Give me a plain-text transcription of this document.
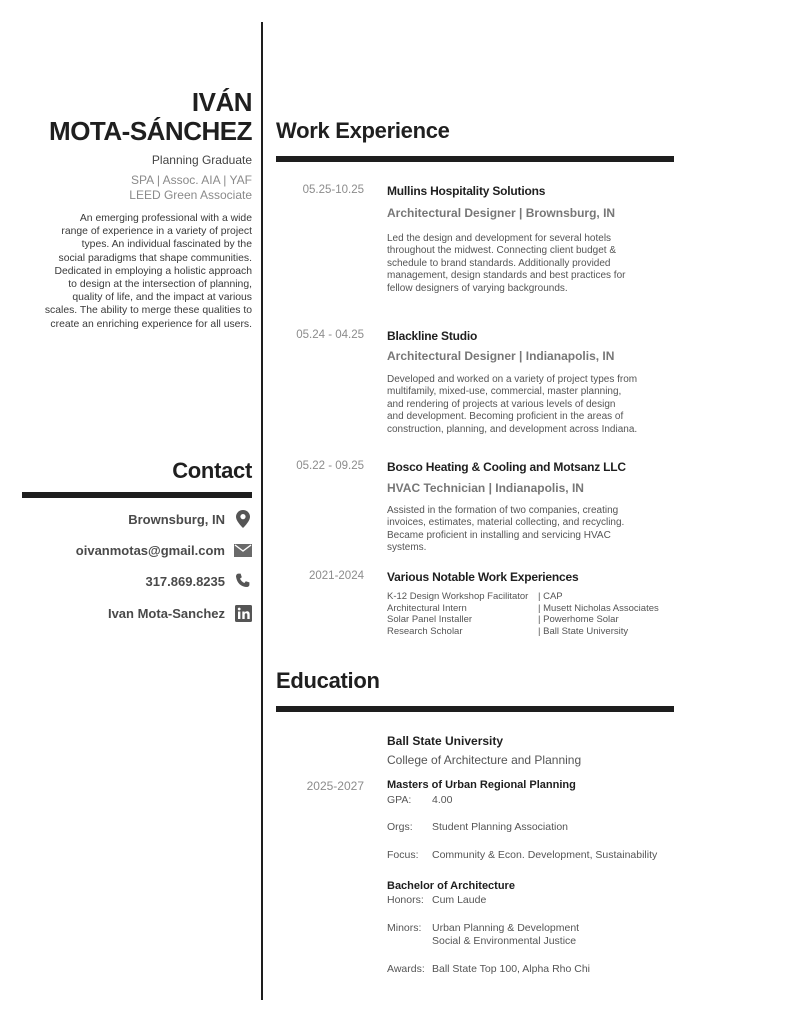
IVÁN
MOTA-SÁNCHEZ
Planning Graduate
SPA | Assoc. AIA | YAF
LEED Green Associate
An emerging professional with a wide
range of experience in a variety of project
types. An individual fascinated by the
social paradigms that shape communities.
Dedicated in employing a holistic approach
to design at the intersection of planning,
quality of life, and the impact at various
scales. The ability to merge these qualities to
create an enriching experience for all users.
Contact
Brownsburg, IN
oivanmotas@gmail.com
317.869.8235
Ivan Mota-Sanchez
Work Experience
05.25-10.25 Mullins Hospitality Solutions
Architectural Designer | Brownsburg, IN
Led the design and development for several hotels
throughout the midwest. Connecting client budget &
schedule to brand standards. Additionally provided
management, design standards and best practices for
fellow designers of varying backgrounds.
05.24 - 04.25 Blackline Studio
Architectural Designer | Indianapolis, IN
Developed and worked on a variety of project types from
multifamily, mixed-use, commercial, master planning,
and rendering of projects at various levels of design
and development. Becoming proficient in the areas of
construction, planning, and development across Indiana.
05.22 - 09.25 Bosco Heating & Cooling and Motsanz LLC
HVAC Technician | Indianapolis, IN
Assisted in the formation of two companies, creating
invoices, estimates, material collecting, and recycling.
Became proficient in installing and servicing HVAC
systems.
2021-2024 Various Notable Work Experiences
K-12 Design Workshop Facilitator	| CAP
Architectural Intern	| Musett Nicholas Associates
Solar Panel Installer	| Powerhome Solar
Research Scholar	| Ball State University
Education
Ball State University
College of Architecture and Planning
2025-2027 Masters of Urban Regional Planning
GPA: 4.00
Orgs: Student Planning Association
Focus: Community & Econ. Development, Sustainability
Bachelor of Architecture
Honors: Cum Laude
Minors: Urban Planning & Development
Social & Environmental Justice
Awards: Ball State Top 100, Alpha Rho Chi
